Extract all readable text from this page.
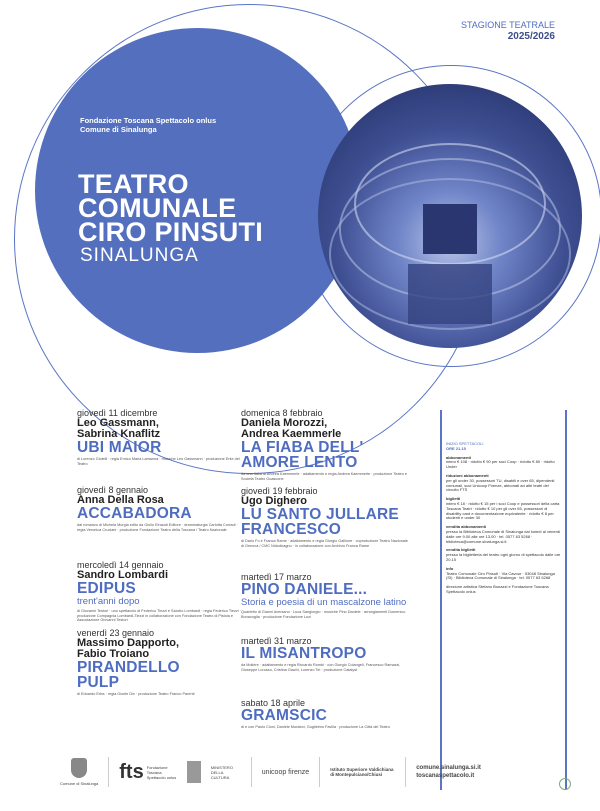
STAGIONE TEATRALE
2025/2026
Fondazione Toscana Spettacolo onlus
Comune di Sinalunga
TEATRO
COMUNALE
CIRO PINSUTI
SINALUNGA
giovedì 11 dicembre
Leo Gassmann,
Sabrina Knaflitz
UBI MAIOR
di Lorenzo Gioielli · regia Enrico Maria Lamanna · musiche Leo Gassmann · produzione Ente del Teatro
giovedì 8 gennaio
Anna Della Rosa
ACCABADORA
dal romanzo di Michela Murgia edito da Giulio Einaudi Editore · drammaturgia Carlotta Corradi · regia Veronica Cruciani · produzione Fondazione Teatro della Toscana / Teatro Nazionale
mercoledì 14 gennaio
Sandro Lombardi
EDIPUS
trent'anni dopo
di Giovanni Testori · uno spettacolo di Federico Tiezzi e Sandro Lombardi · regia Federico Tiezzi · produzione Compagnia Lombardi-Tiezzi in collaborazione con Fondazione Teatro di Pistoia e Associazione Giovanni Testori
venerdì 23 gennaio
Massimo Dapporto,
Fabio Troiano
PIRANDELLO
PULP
di Edoardo Erba · regia Gioele Dix · produzione Teatro Franco Parenti
domenica 8 febbraio
Daniela Morozzi,
Andrea Kaemmerle
LA FIABA DELL'
AMORE LENTO
da una fiaba di Andrea Kaemmerle · adattamento e regia Andrea Kaemmerle · produzione Teatro e Società Teatro Guascone
giovedì 19 febbraio
Ugo Dighero
LU SANTO JULLARE
FRANCESCO
di Dario Fo e Franca Rame · adattamento e regia Giorgio Gallione · coproduzione Teatro Nazionale di Genova / CMC Nidodiragno · in collaborazione con Archivio Franca Rame
martedì 17 marzo
PINO DANIELE...
Storia e poesia di un mascalzone latino
Quartetto di Gianni Aversano · Luca Sangiorgio · musiche Pino Daniele · arrangiamenti Domenico Bonavoglia · produzione Fondazione Luzi
martedì 31 marzo
IL MISANTROPO
da Molière · adattamento e regia Riccardo Rombi · con Giorgio Colangeli, Francesco Ramazzi, Giuseppe Lorusso, Cristina Giachi, Lorenzo Tei · produzione Catalyst
sabato 18 aprile
GRAMSCIC
di e con Paolo Cioni, Daniele Muratori, Guglielmo Favilla · produzione La Città del Teatro
INIZIO SPETTACOLI
ORE 21.15
abbonamenti
intero € 108 · ridotto € 90 per soci Coop · ridotto € 80 · ridotto Under
riduzioni abbonamenti
per gli under 30, possessori TU, disabili e over 65, dipendenti comunali, soci Unicoop Firenze, abbonati ad altri teatri del circuito FTS
biglietti
intero € 18 · ridotto € 15 per i soci Coop e possessori della carta Toscana Teatri · ridotto € 10 per gli over 65, possessori di disability card e documentazione equivalente · ridotto € 8 per studenti e under 30
vendita abbonamenti
presso la Biblioteca Comunale di Sinalunga dal lunedì al venerdì dalle ore 9.00 alle ore 13.00 · tel. 0577 63 5268 · biblioteca@comune.sinalunga.si.it
vendita biglietti
presso la biglietteria del teatro ogni giorno di spettacolo dalle ore 20.15
info
Teatro Comunale Ciro Pinsuti · Via Cavour · 53048 Sinalunga (SI) · Biblioteca Comunale di Sinalunga · tel. 0577 63 5268
direzione artistica Stefano Bonazzi e Fondazione Toscana Spettacolo onlus
Comune di Sinalunga
fts Fondazione Toscana Spettacolo onlus
MINISTERO DELLA CULTURA
unicoop firenze	Istituto Superiore Valdichiana di Montepulciano/Chiusi
comune.sinalunga.si.it
toscanaspettacolo.it
